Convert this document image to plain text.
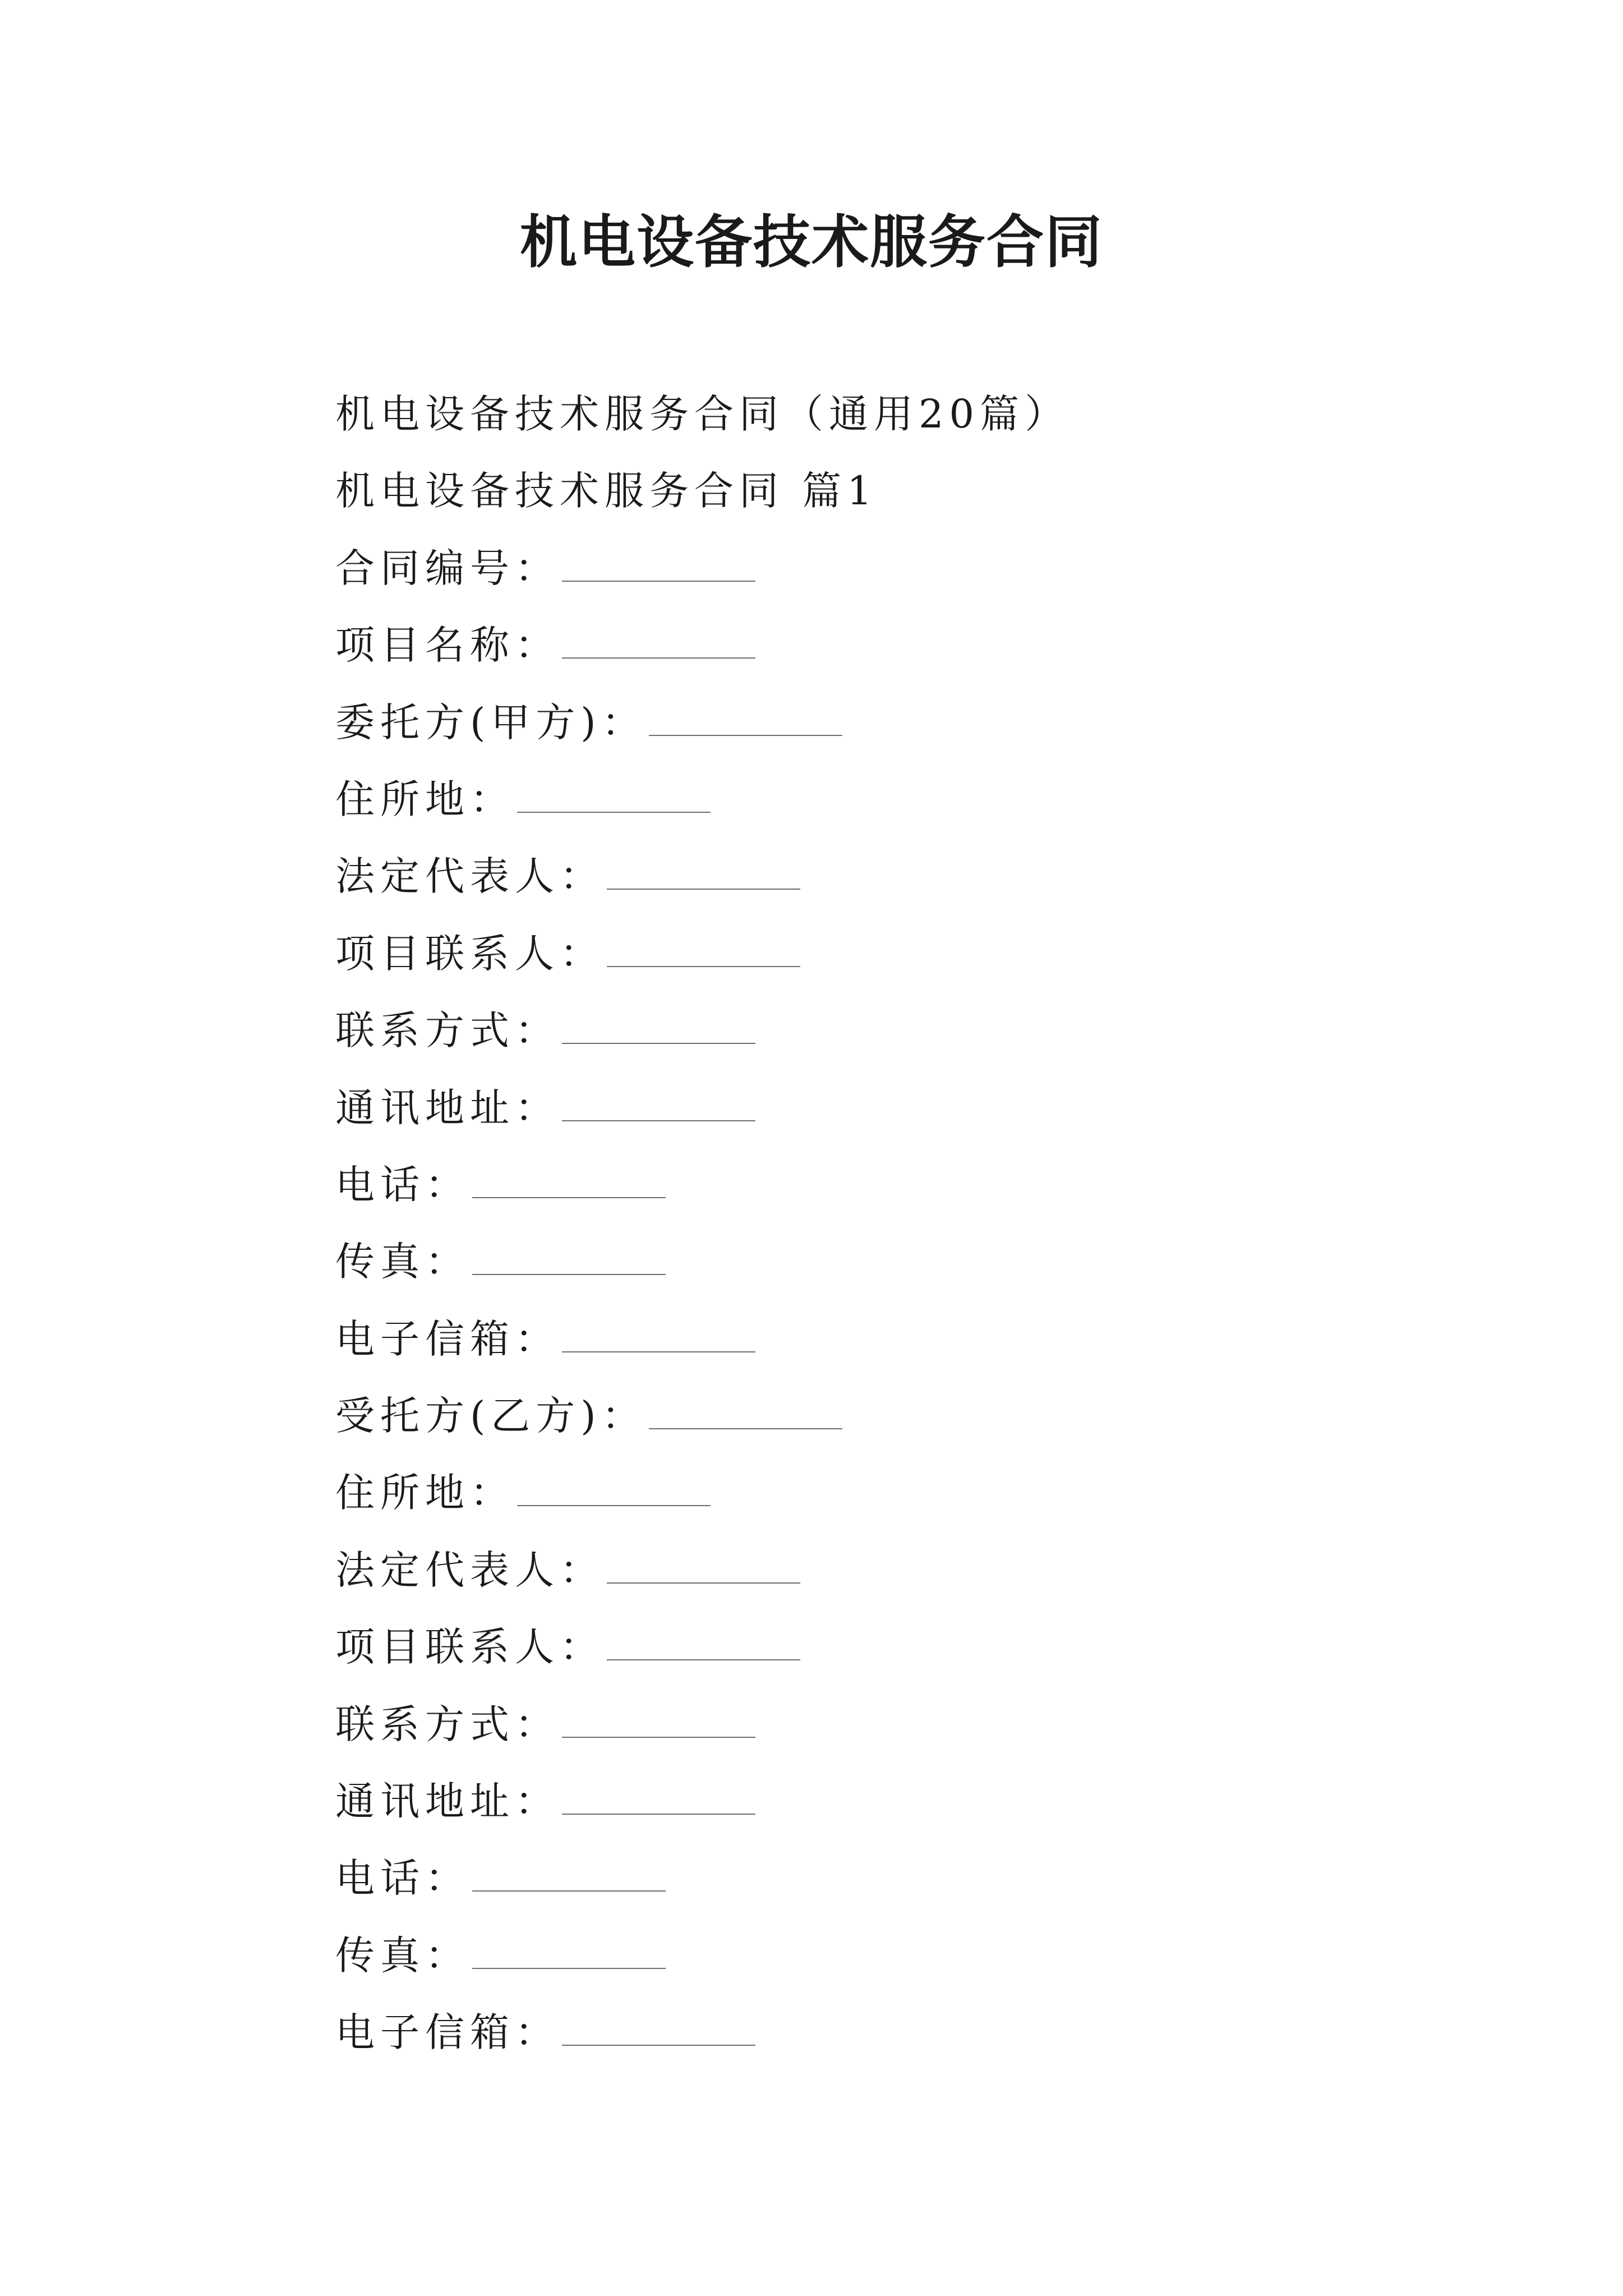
机电设备技术服务合同
机电设备技术服务合同（通用20篇）
机电设备技术服务合同 篇1
合同编号：
项目名称：
委托方(甲方)：
住所地：
法定代表人：
项目联系人：
联系方式：
通讯地址：
电话：
传真：
电子信箱：
受托方(乙方)：
住所地：
法定代表人：
项目联系人：
联系方式：
通讯地址：
电话：
传真：
电子信箱：
